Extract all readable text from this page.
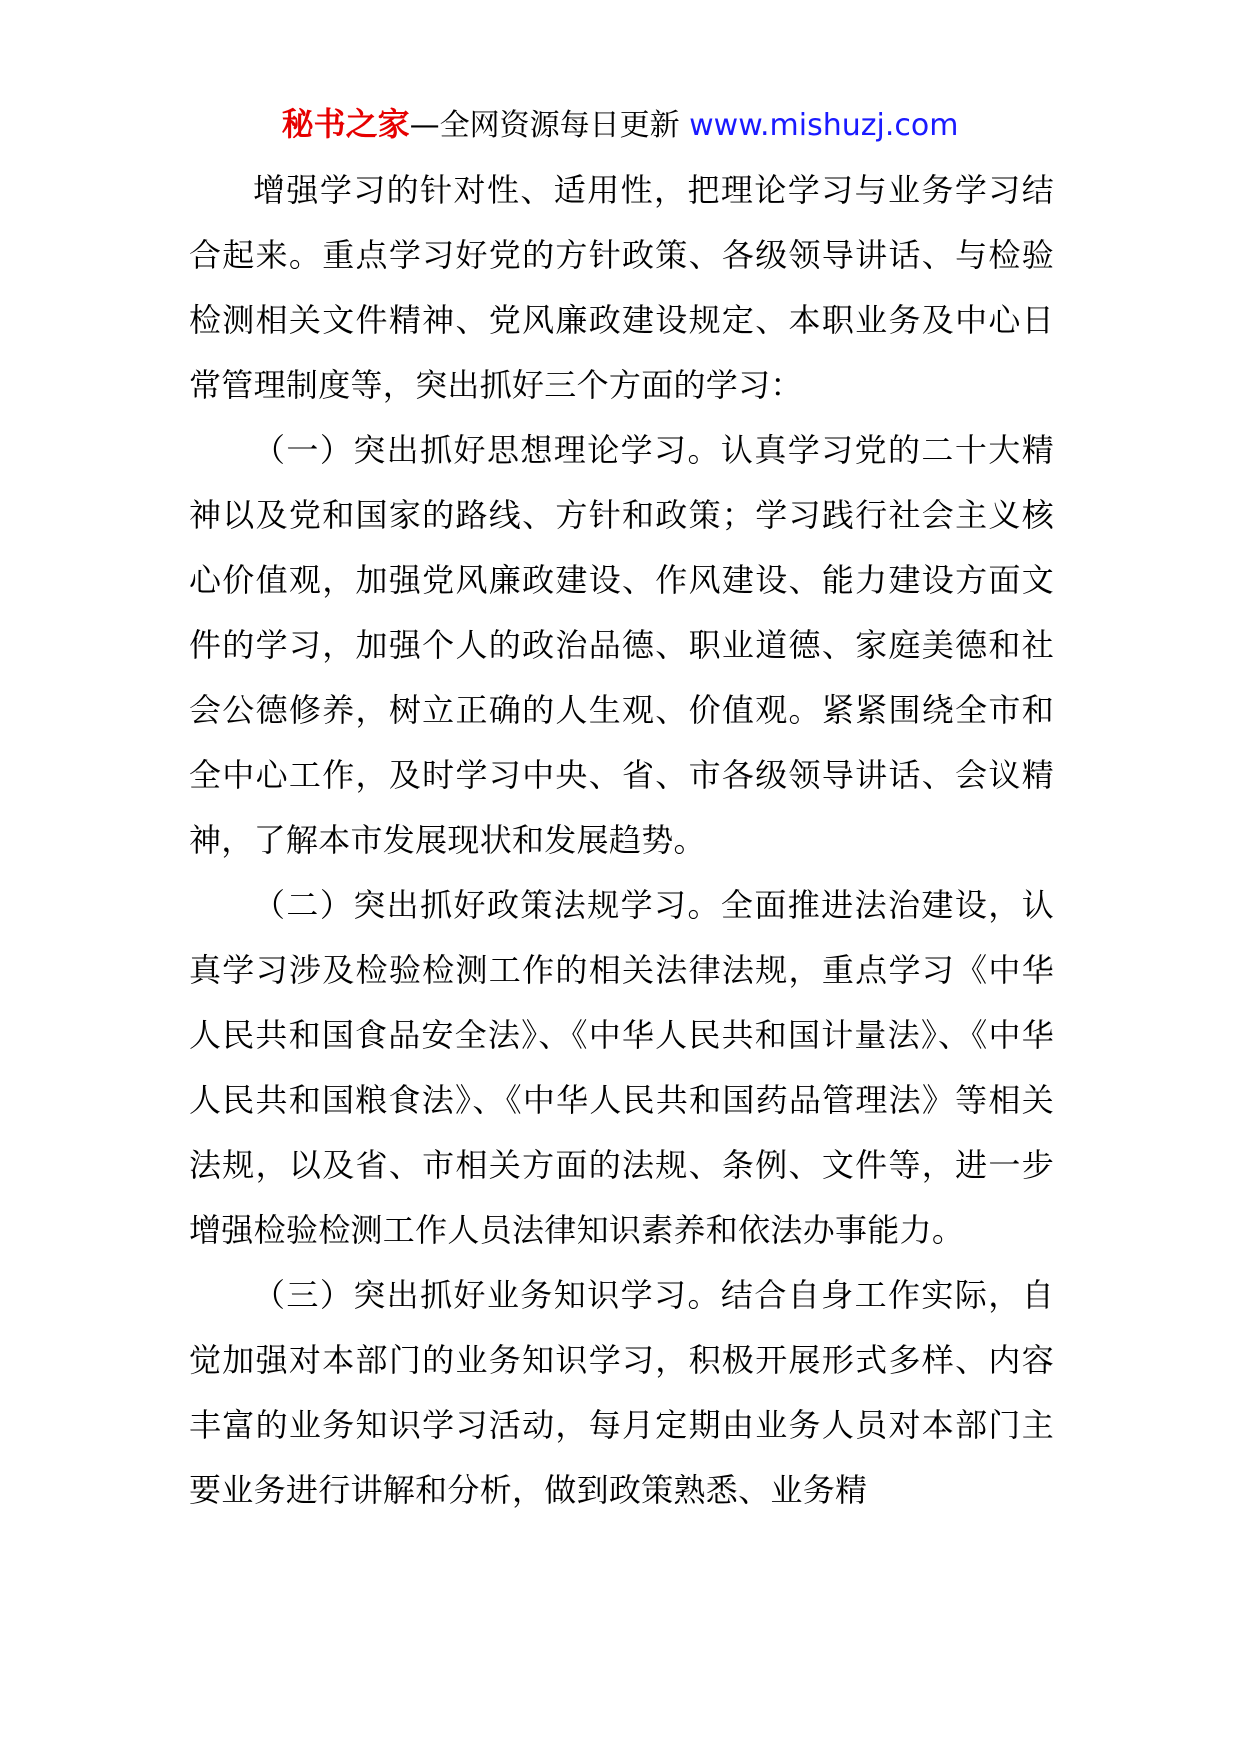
秘书之家—全网资源每日更新 www.mishuzj.com

增强学习的针对性、适用性，把理论学习与业务学习结合起来。重点学习好党的方针政策、各级领导讲话、与检验检测相关文件精神、党风廉政建设规定、本职业务及中心日常管理制度等，突出抓好三个方面的学习：

（一）突出抓好思想理论学习。认真学习党的二十大精神以及党和国家的路线、方针和政策；学习践行社会主义核心价值观，加强党风廉政建设、作风建设、能力建设方面文件的学习，加强个人的政治品德、职业道德、家庭美德和社会公德修养，树立正确的人生观、价值观。紧紧围绕全市和全中心工作，及时学习中央、省、市各级领导讲话、会议精神，了解本市发展现状和发展趋势。

（二）突出抓好政策法规学习。全面推进法治建设，认真学习涉及检验检测工作的相关法律法规，重点学习《中华人民共和国食品安全法》、《中华人民共和国计量法》、《中华人民共和国粮食法》、《中华人民共和国药品管理法》等相关法规，以及省、市相关方面的法规、条例、文件等，进一步增强检验检测工作人员法律知识素养和依法办事能力。

（三）突出抓好业务知识学习。结合自身工作实际，自觉加强对本部门的业务知识学习，积极开展形式多样、内容丰富的业务知识学习活动，每月定期由业务人员对本部门主要业务进行讲解和分析，做到政策熟悉、业务精
